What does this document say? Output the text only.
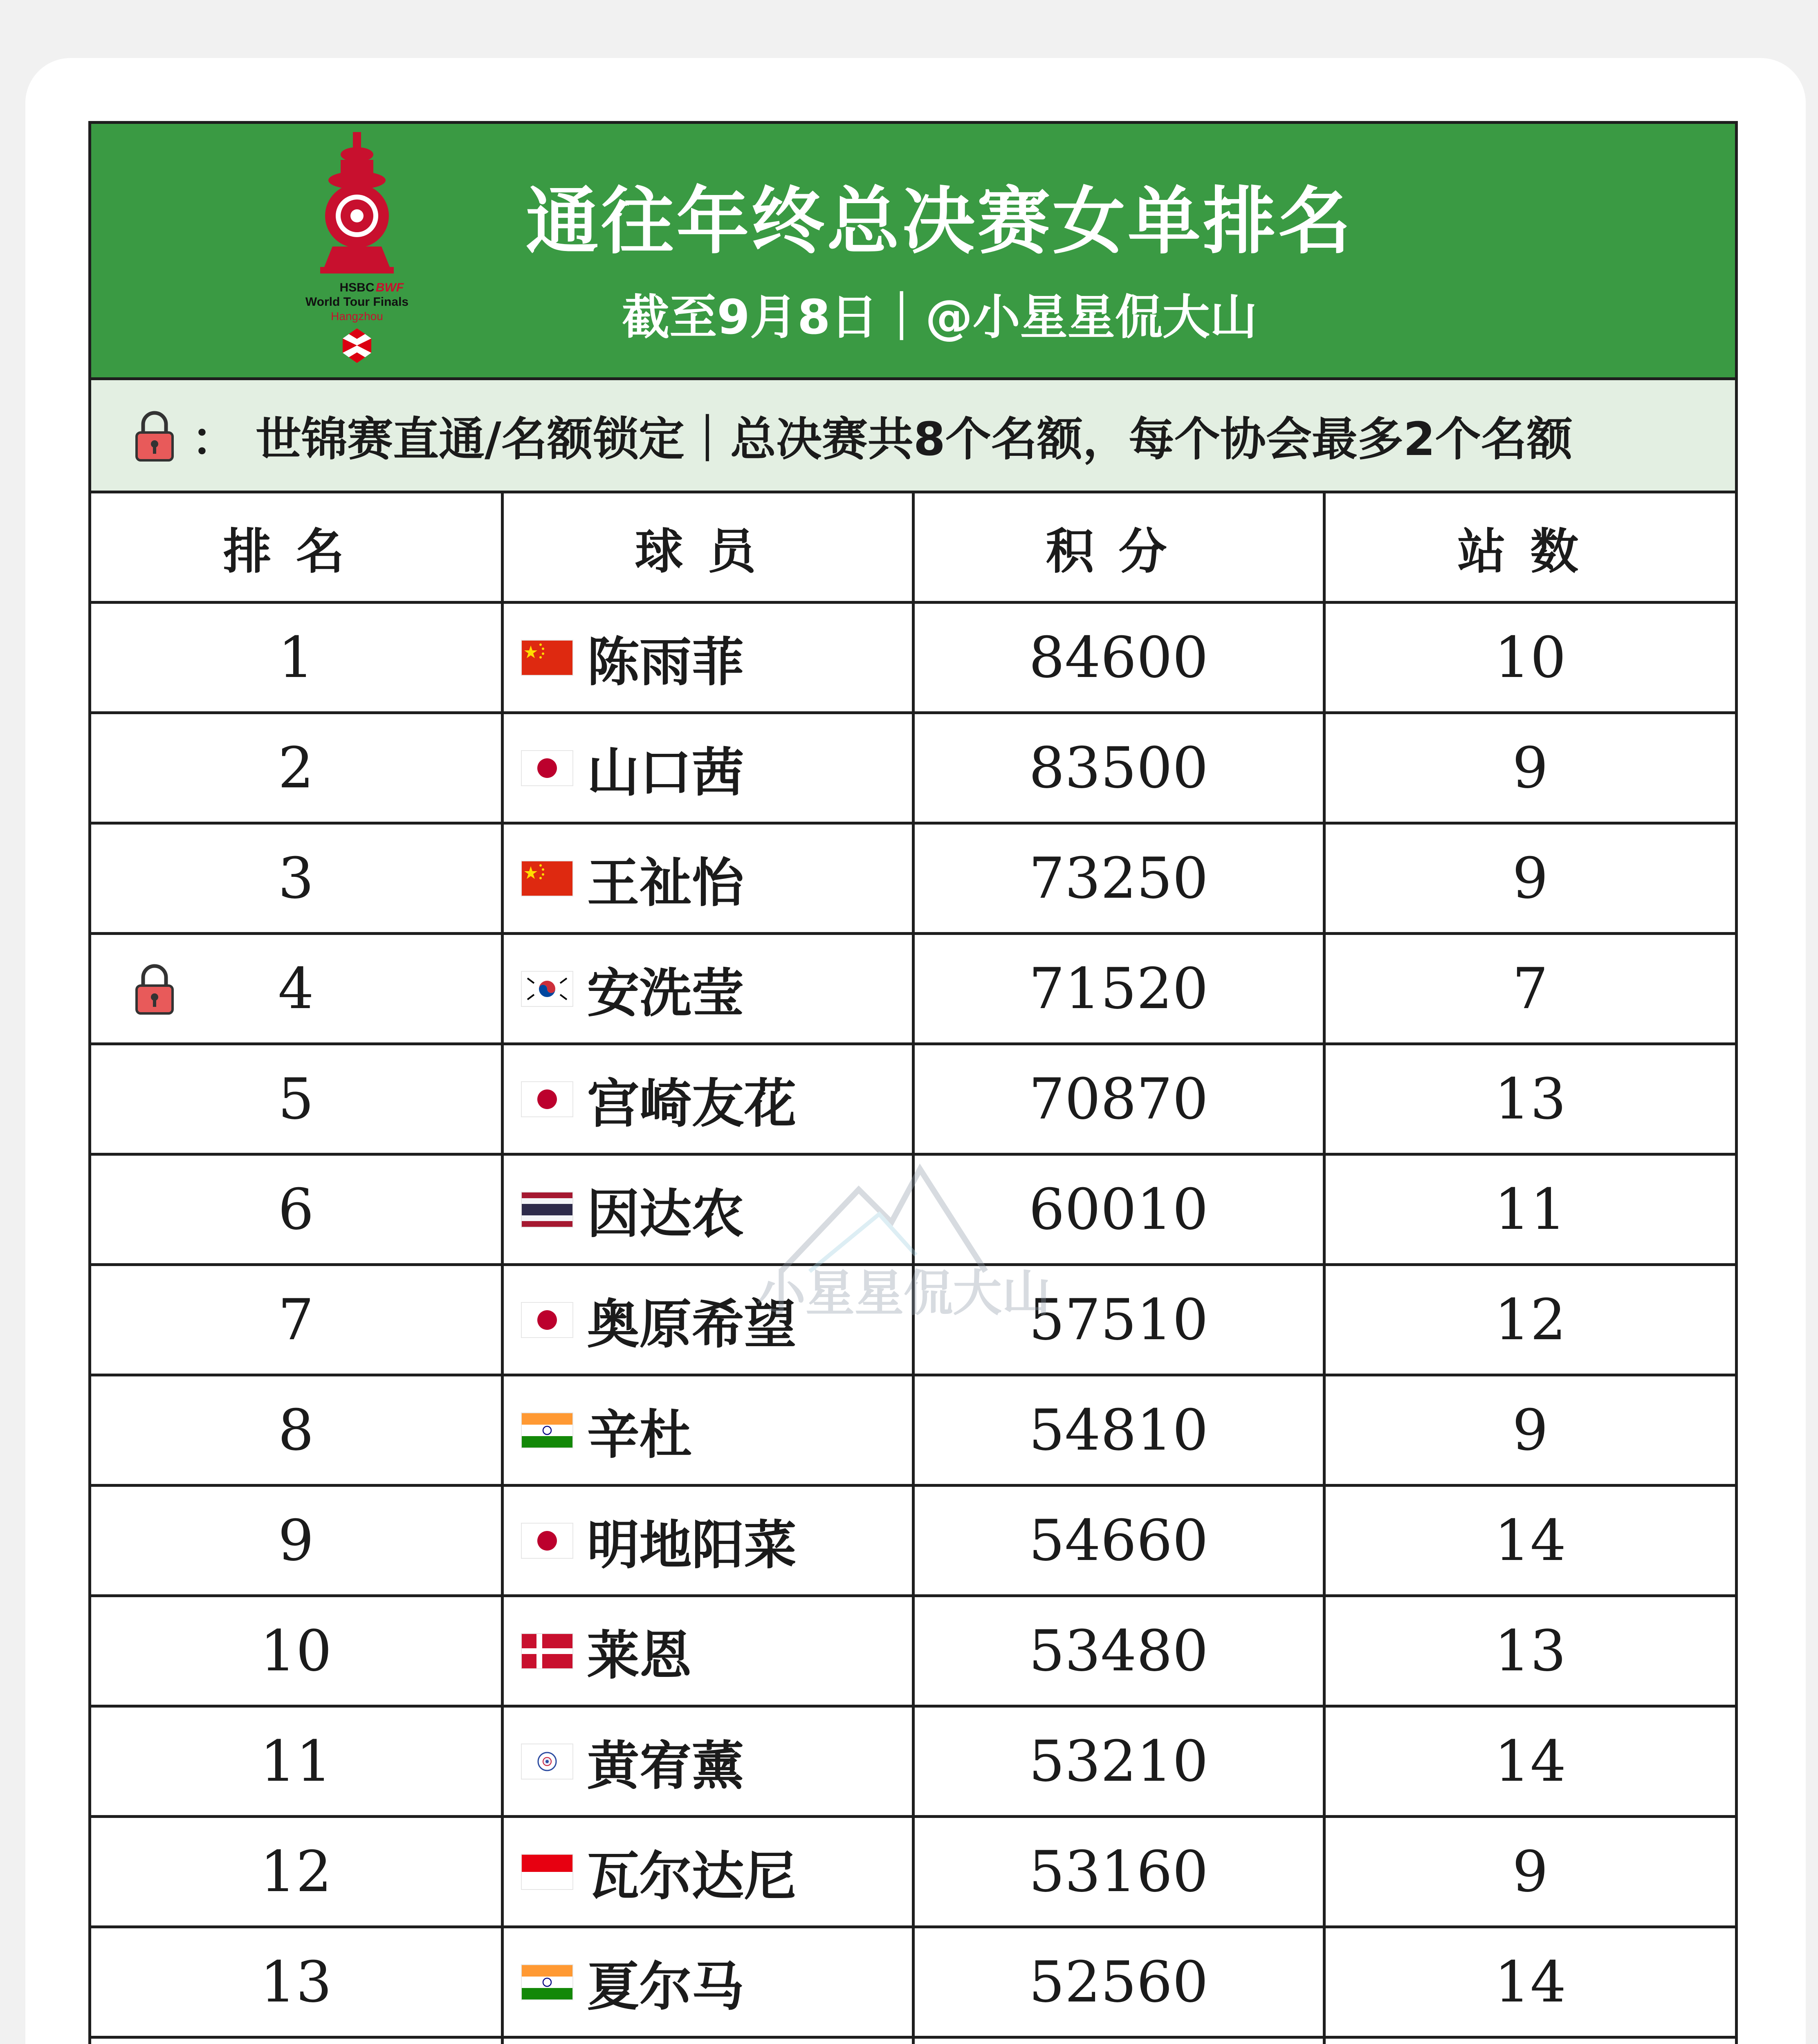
HSBC BWF
World Tour Finals
Hangzhou
通往年终总决赛女单排名
截至9月8日｜@小星星侃大山
： 世锦赛直通/名额锁定｜总决赛共8个名额，每个协会最多2个名额
排名	球员	积分	站数
1	陈雨菲	84600	10
2	山口茜	83500	9
3	王祉怡	73250	9

4	安洗莹	71520	7
5	宫崎友花	70870	13
6	因达农	60010	11
7	奥原希望	57510	12
8	辛杜	54810	9
9	明地阳菜	54660	14
10	莱恩	53480	13
11	黄宥薰	53210	14
12	瓦尔达尼	53160	9
13	夏尔马	52560	14

小星星侃大山
